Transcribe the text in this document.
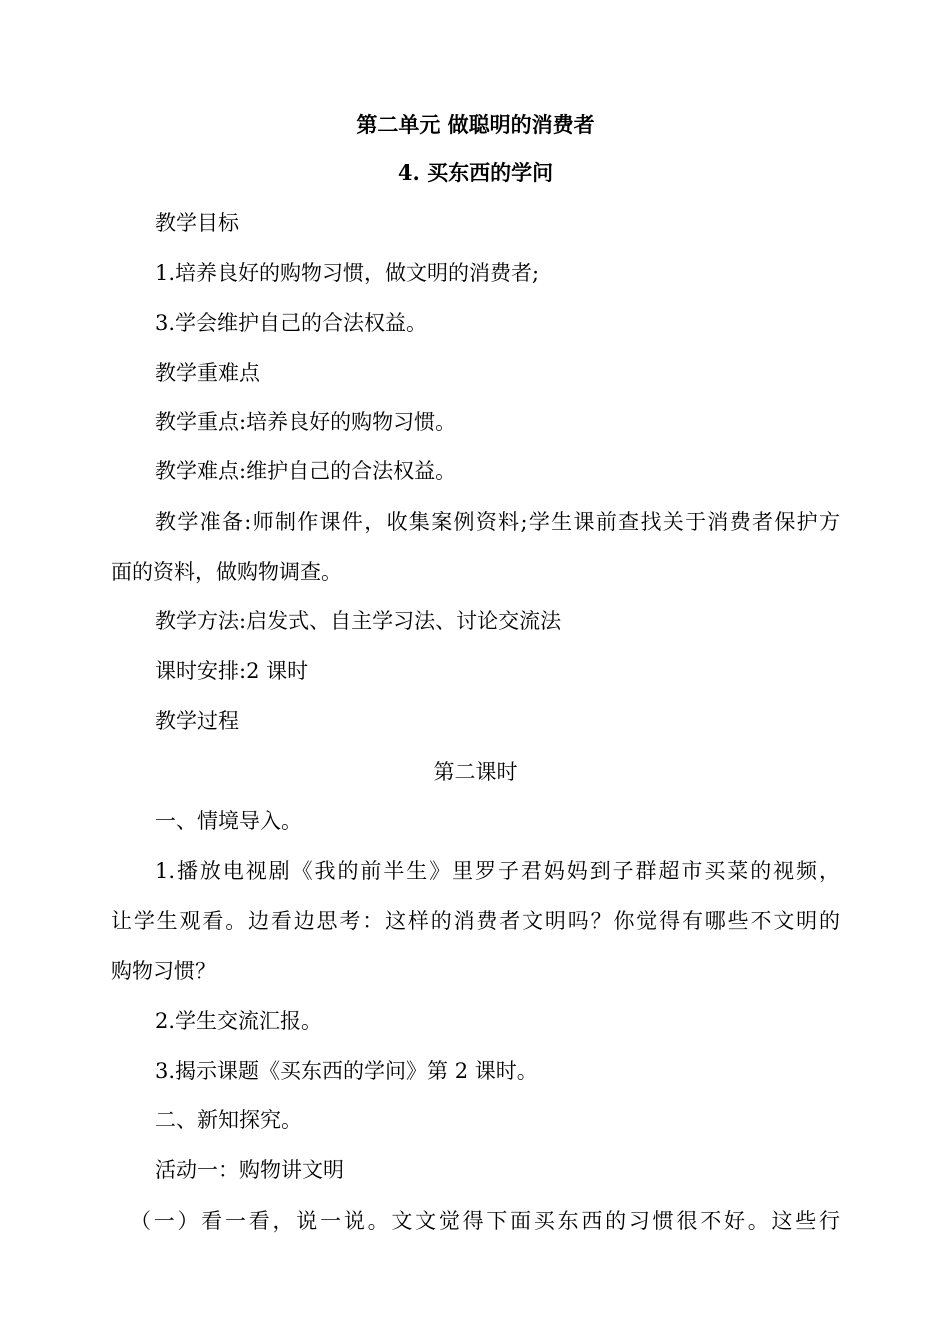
第二单元 做聪明的消费者
4. 买东西的学问
教学目标
1.培养良好的购物习惯，做文明的消费者;
3.学会维护自己的合法权益。
教学重难点
教学重点:培养良好的购物习惯。
教学难点:维护自己的合法权益。
教学准备:师制作课件，收集案例资料;学生课前查找关于消费者保护方
面的资料，做购物调查。
教学方法:启发式、自主学习法、讨论交流法
课时安排:2 课时
教学过程
第二课时
一、情境导入。
1.播放电视剧《我的前半生》里罗子君妈妈到子群超市买菜的视频，
让学生观看。边看边思考：这样的消费者文明吗？你觉得有哪些不文明的
购物习惯？
2.学生交流汇报。
3.揭示课题《买东西的学问》第 2 课时。
二、新知探究。
活动一：购物讲文明
（一）看一看，说一说。文文觉得下面买东西的习惯很不好。这些行
